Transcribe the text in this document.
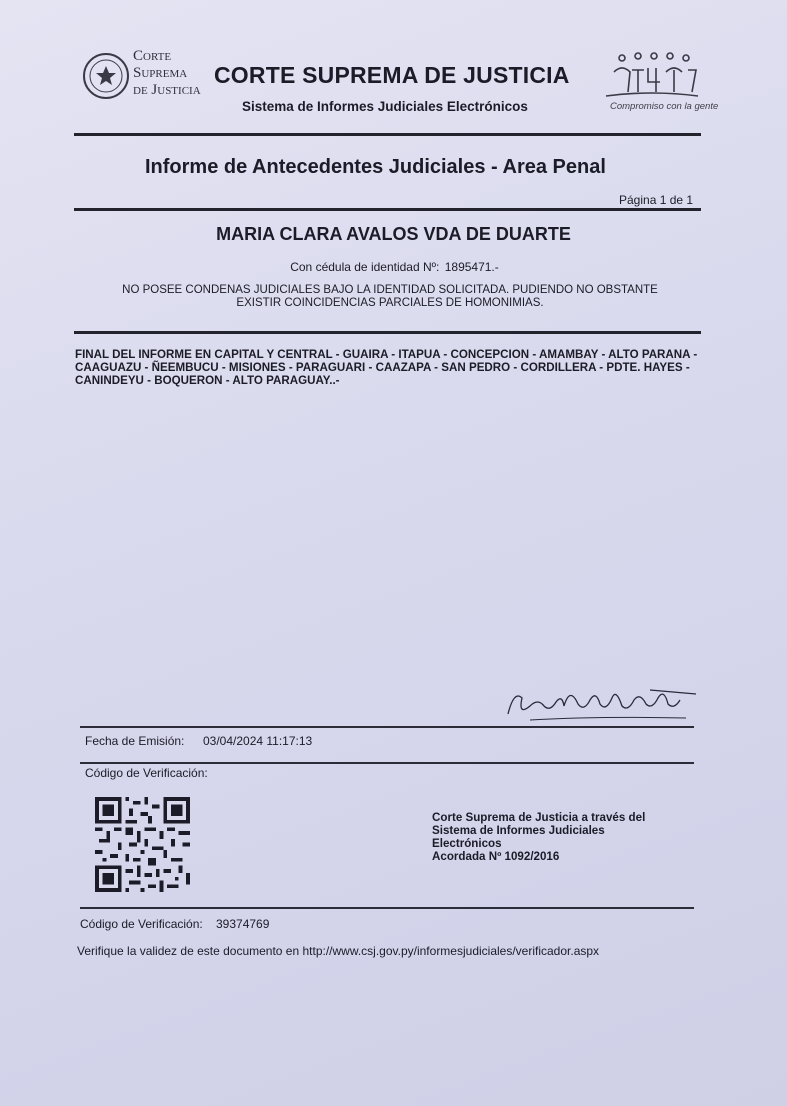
Corte
Suprema
de Justicia
CORTE SUPREMA DE JUSTICIA
Sistema de Informes Judiciales Electrónicos	Compromiso con la gente
Informe de Antecedentes Judiciales - Area Penal
Página 1 de 1
MARIA CLARA AVALOS VDA DE DUARTE
Con cédula de identidad Nº: 1895471.-
NO POSEE CONDENAS JUDICIALES BAJO LA IDENTIDAD SOLICITADA. PUDIENDO NO OBSTANTE EXISTIR COINCIDENCIAS PARCIALES DE HOMONIMIAS.
FINAL DEL INFORME EN CAPITAL Y CENTRAL - GUAIRA - ITAPUA - CONCEPCION - AMAMBAY - ALTO PARANA - CAAGUAZU - ÑEEMBUCU - MISIONES - PARAGUARI - CAAZAPA - SAN PEDRO - CORDILLERA - PDTE. HAYES - CANINDEYU - BOQUERON - ALTO PARAGUAY..-
Fecha de Emisión: 03/04/2024 11:17:13
Código de Verificación:
Corte Suprema de Justicia a través del
Sistema de Informes Judiciales
Electrónicos
Acordada Nº 1092/2016
Código de Verificación: 39374769
Verifique la validez de este documento en http://www.csj.gov.py/informesjudiciales/verificador.aspx
